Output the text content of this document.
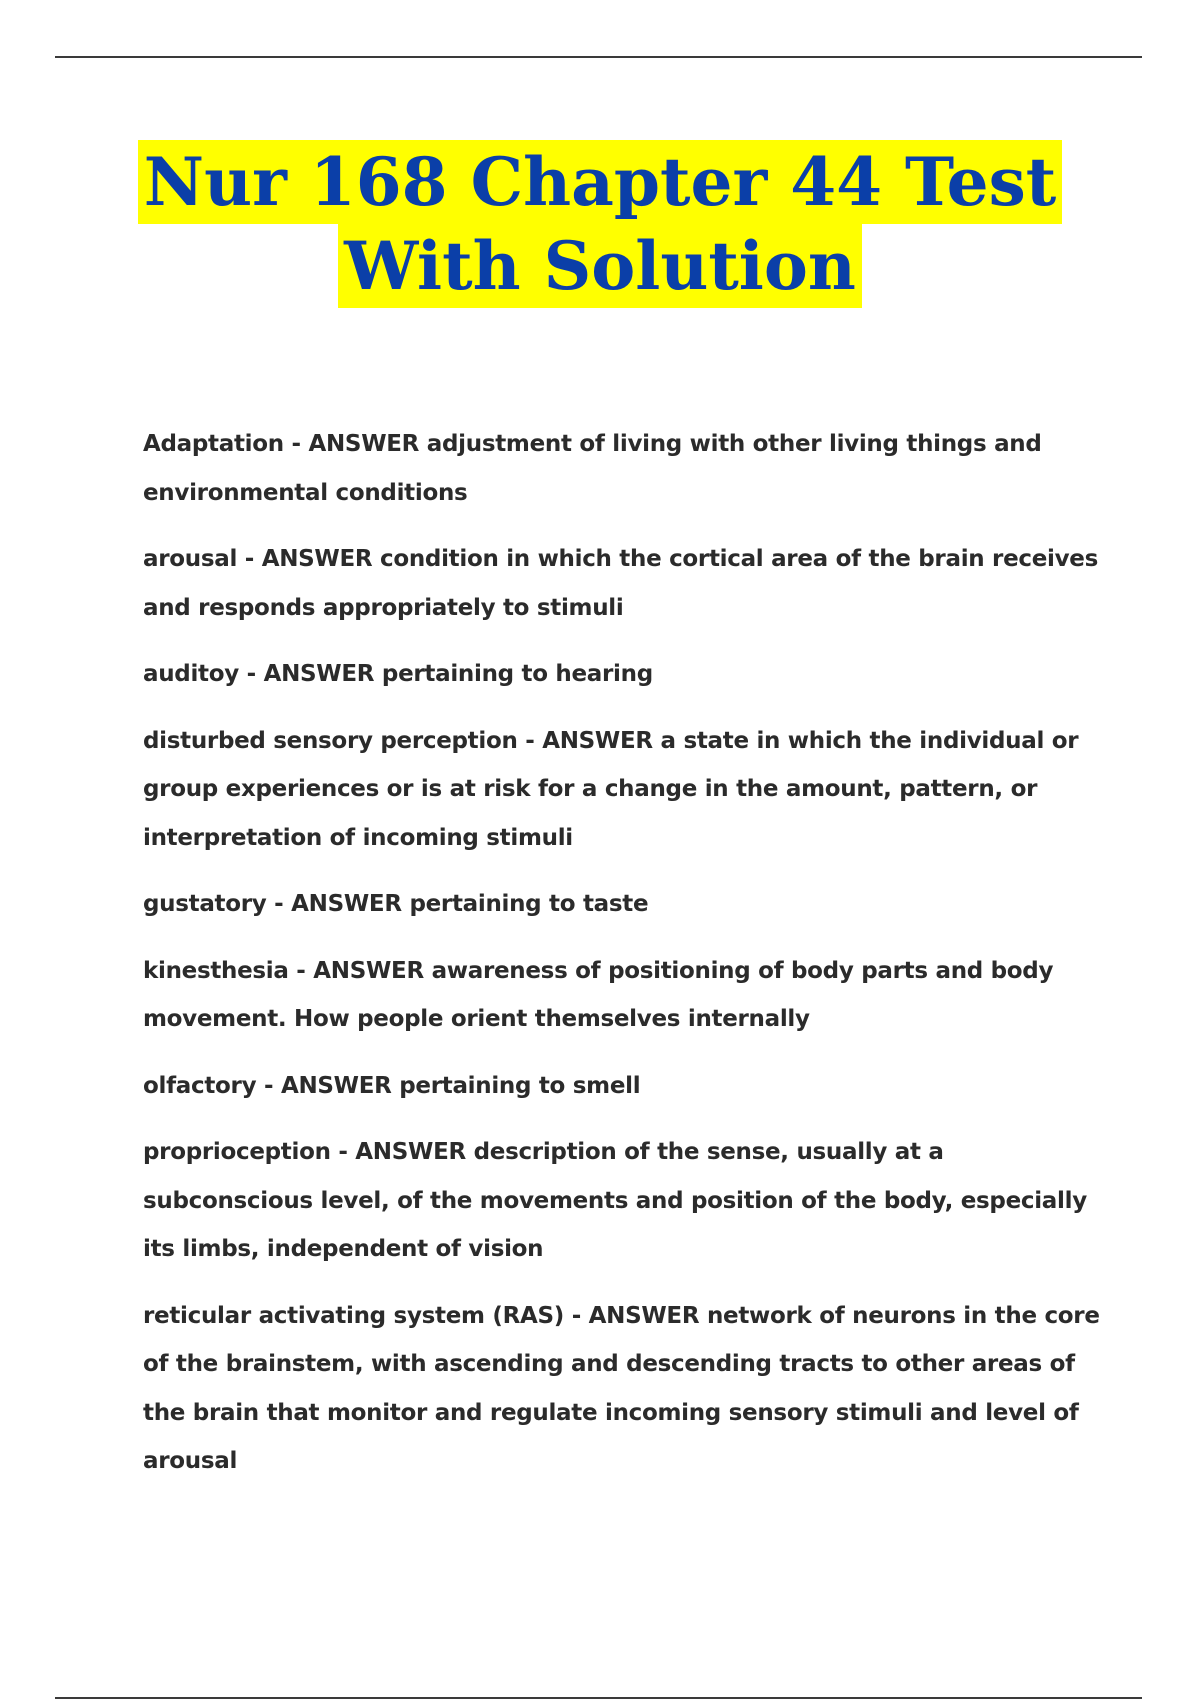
Nur 168 Chapter 44 Test
With Solution

Adaptation - ANSWER adjustment of living with other living things and environmental conditions

arousal - ANSWER condition in which the cortical area of the brain receives and responds appropriately to stimuli

auditoy - ANSWER pertaining to hearing

disturbed sensory perception - ANSWER a state in which the individual or group experiences or is at risk for a change in the amount, pattern, or interpretation of incoming stimuli

gustatory - ANSWER pertaining to taste

kinesthesia - ANSWER awareness of positioning of body parts and body movement. How people orient themselves internally

olfactory - ANSWER pertaining to smell

proprioception - ANSWER description of the sense, usually at a subconscious level, of the movements and position of the body, especially its limbs, independent of vision

reticular activating system (RAS) - ANSWER network of neurons in the core of the brainstem, with ascending and descending tracts to other areas of the brain that monitor and regulate incoming sensory stimuli and level of arousal
